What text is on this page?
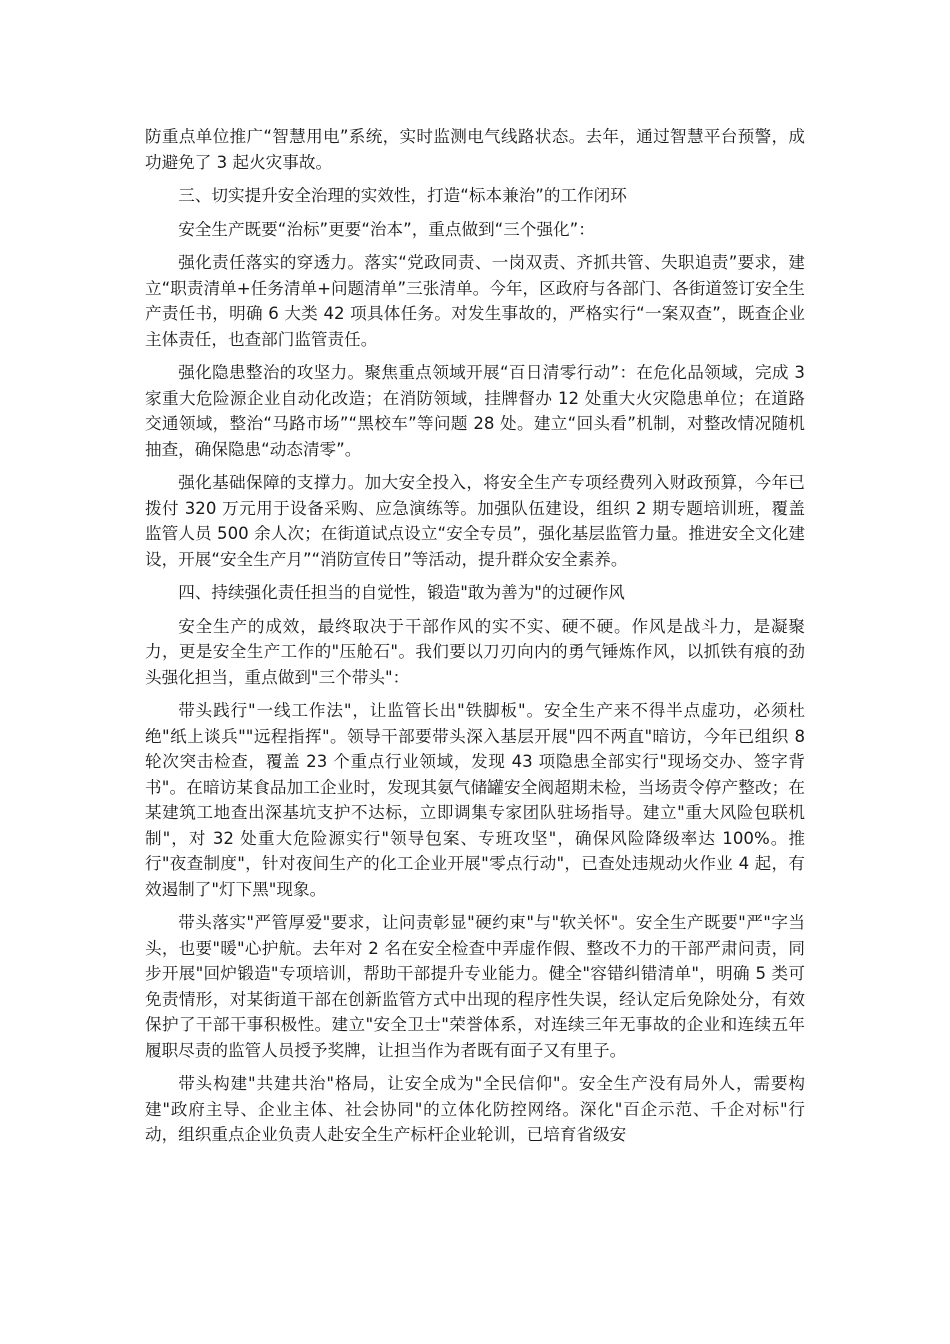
防重点单位推广“智慧用电”系统，实时监测电气线路状态。去年，通过智慧平台预警，成功避免了 3 起火灾事故。

三、切实提升安全治理的实效性，打造“标本兼治”的工作闭环

安全生产既要“治标”更要“治本”，重点做到“三个强化”：

强化责任落实的穿透力。落实“党政同责、一岗双责、齐抓共管、失职追责”要求，建立“职责清单+任务清单+问题清单”三张清单。今年，区政府与各部门、各街道签订安全生产责任书，明确 6 大类 42 项具体任务。对发生事故的，严格实行“一案双查”，既查企业主体责任，也查部门监管责任。

强化隐患整治的攻坚力。聚焦重点领域开展“百日清零行动”：在危化品领域，完成 3 家重大危险源企业自动化改造；在消防领域，挂牌督办 12 处重大火灾隐患单位；在道路交通领域，整治“马路市场”“黑校车”等问题 28 处。建立“回头看”机制，对整改情况随机抽查，确保隐患“动态清零”。

强化基础保障的支撑力。加大安全投入，将安全生产专项经费列入财政预算，今年已拨付 320 万元用于设备采购、应急演练等。加强队伍建设，组织 2 期专题培训班，覆盖监管人员 500 余人次；在街道试点设立“安全专员”，强化基层监管力量。推进安全文化建设，开展“安全生产月”“消防宣传日”等活动，提升群众安全素养。

四、持续强化责任担当的自觉性，锻造"敢为善为"的过硬作风

安全生产的成效，最终取决于干部作风的实不实、硬不硬。作风是战斗力，是凝聚力，更是安全生产工作的"压舱石"。我们要以刀刃向内的勇气锤炼作风，以抓铁有痕的劲头强化担当，重点做到"三个带头"：

带头践行"一线工作法"，让监管长出"铁脚板"。安全生产来不得半点虚功，必须杜绝"纸上谈兵""远程指挥"。领导干部要带头深入基层开展"四不两直"暗访，今年已组织 8 轮次突击检查，覆盖 23 个重点行业领域，发现 43 项隐患全部实行"现场交办、签字背书"。在暗访某食品加工企业时，发现其氨气储罐安全阀超期未检，当场责令停产整改；在某建筑工地查出深基坑支护不达标，立即调集专家团队驻场指导。建立"重大风险包联机制"，对 32 处重大危险源实行"领导包案、专班攻坚"，确保风险降级率达 100%。推行"夜查制度"，针对夜间生产的化工企业开展"零点行动"，已查处违规动火作业 4 起，有效遏制了"灯下黑"现象。

带头落实"严管厚爱"要求，让问责彰显"硬约束"与"软关怀"。安全生产既要"严"字当头，也要"暖"心护航。去年对 2 名在安全检查中弄虚作假、整改不力的干部严肃问责，同步开展"回炉锻造"专项培训，帮助干部提升专业能力。健全"容错纠错清单"，明确 5 类可免责情形，对某街道干部在创新监管方式中出现的程序性失误，经认定后免除处分，有效保护了干部干事积极性。建立"安全卫士"荣誉体系，对连续三年无事故的企业和连续五年履职尽责的监管人员授予奖牌，让担当作为者既有面子又有里子。

带头构建"共建共治"格局，让安全成为"全民信仰"。安全生产没有局外人，需要构建"政府主导、企业主体、社会协同"的立体化防控网络。深化"百企示范、千企对标"行动，组织重点企业负责人赴安全生产标杆企业轮训，已培育省级安
